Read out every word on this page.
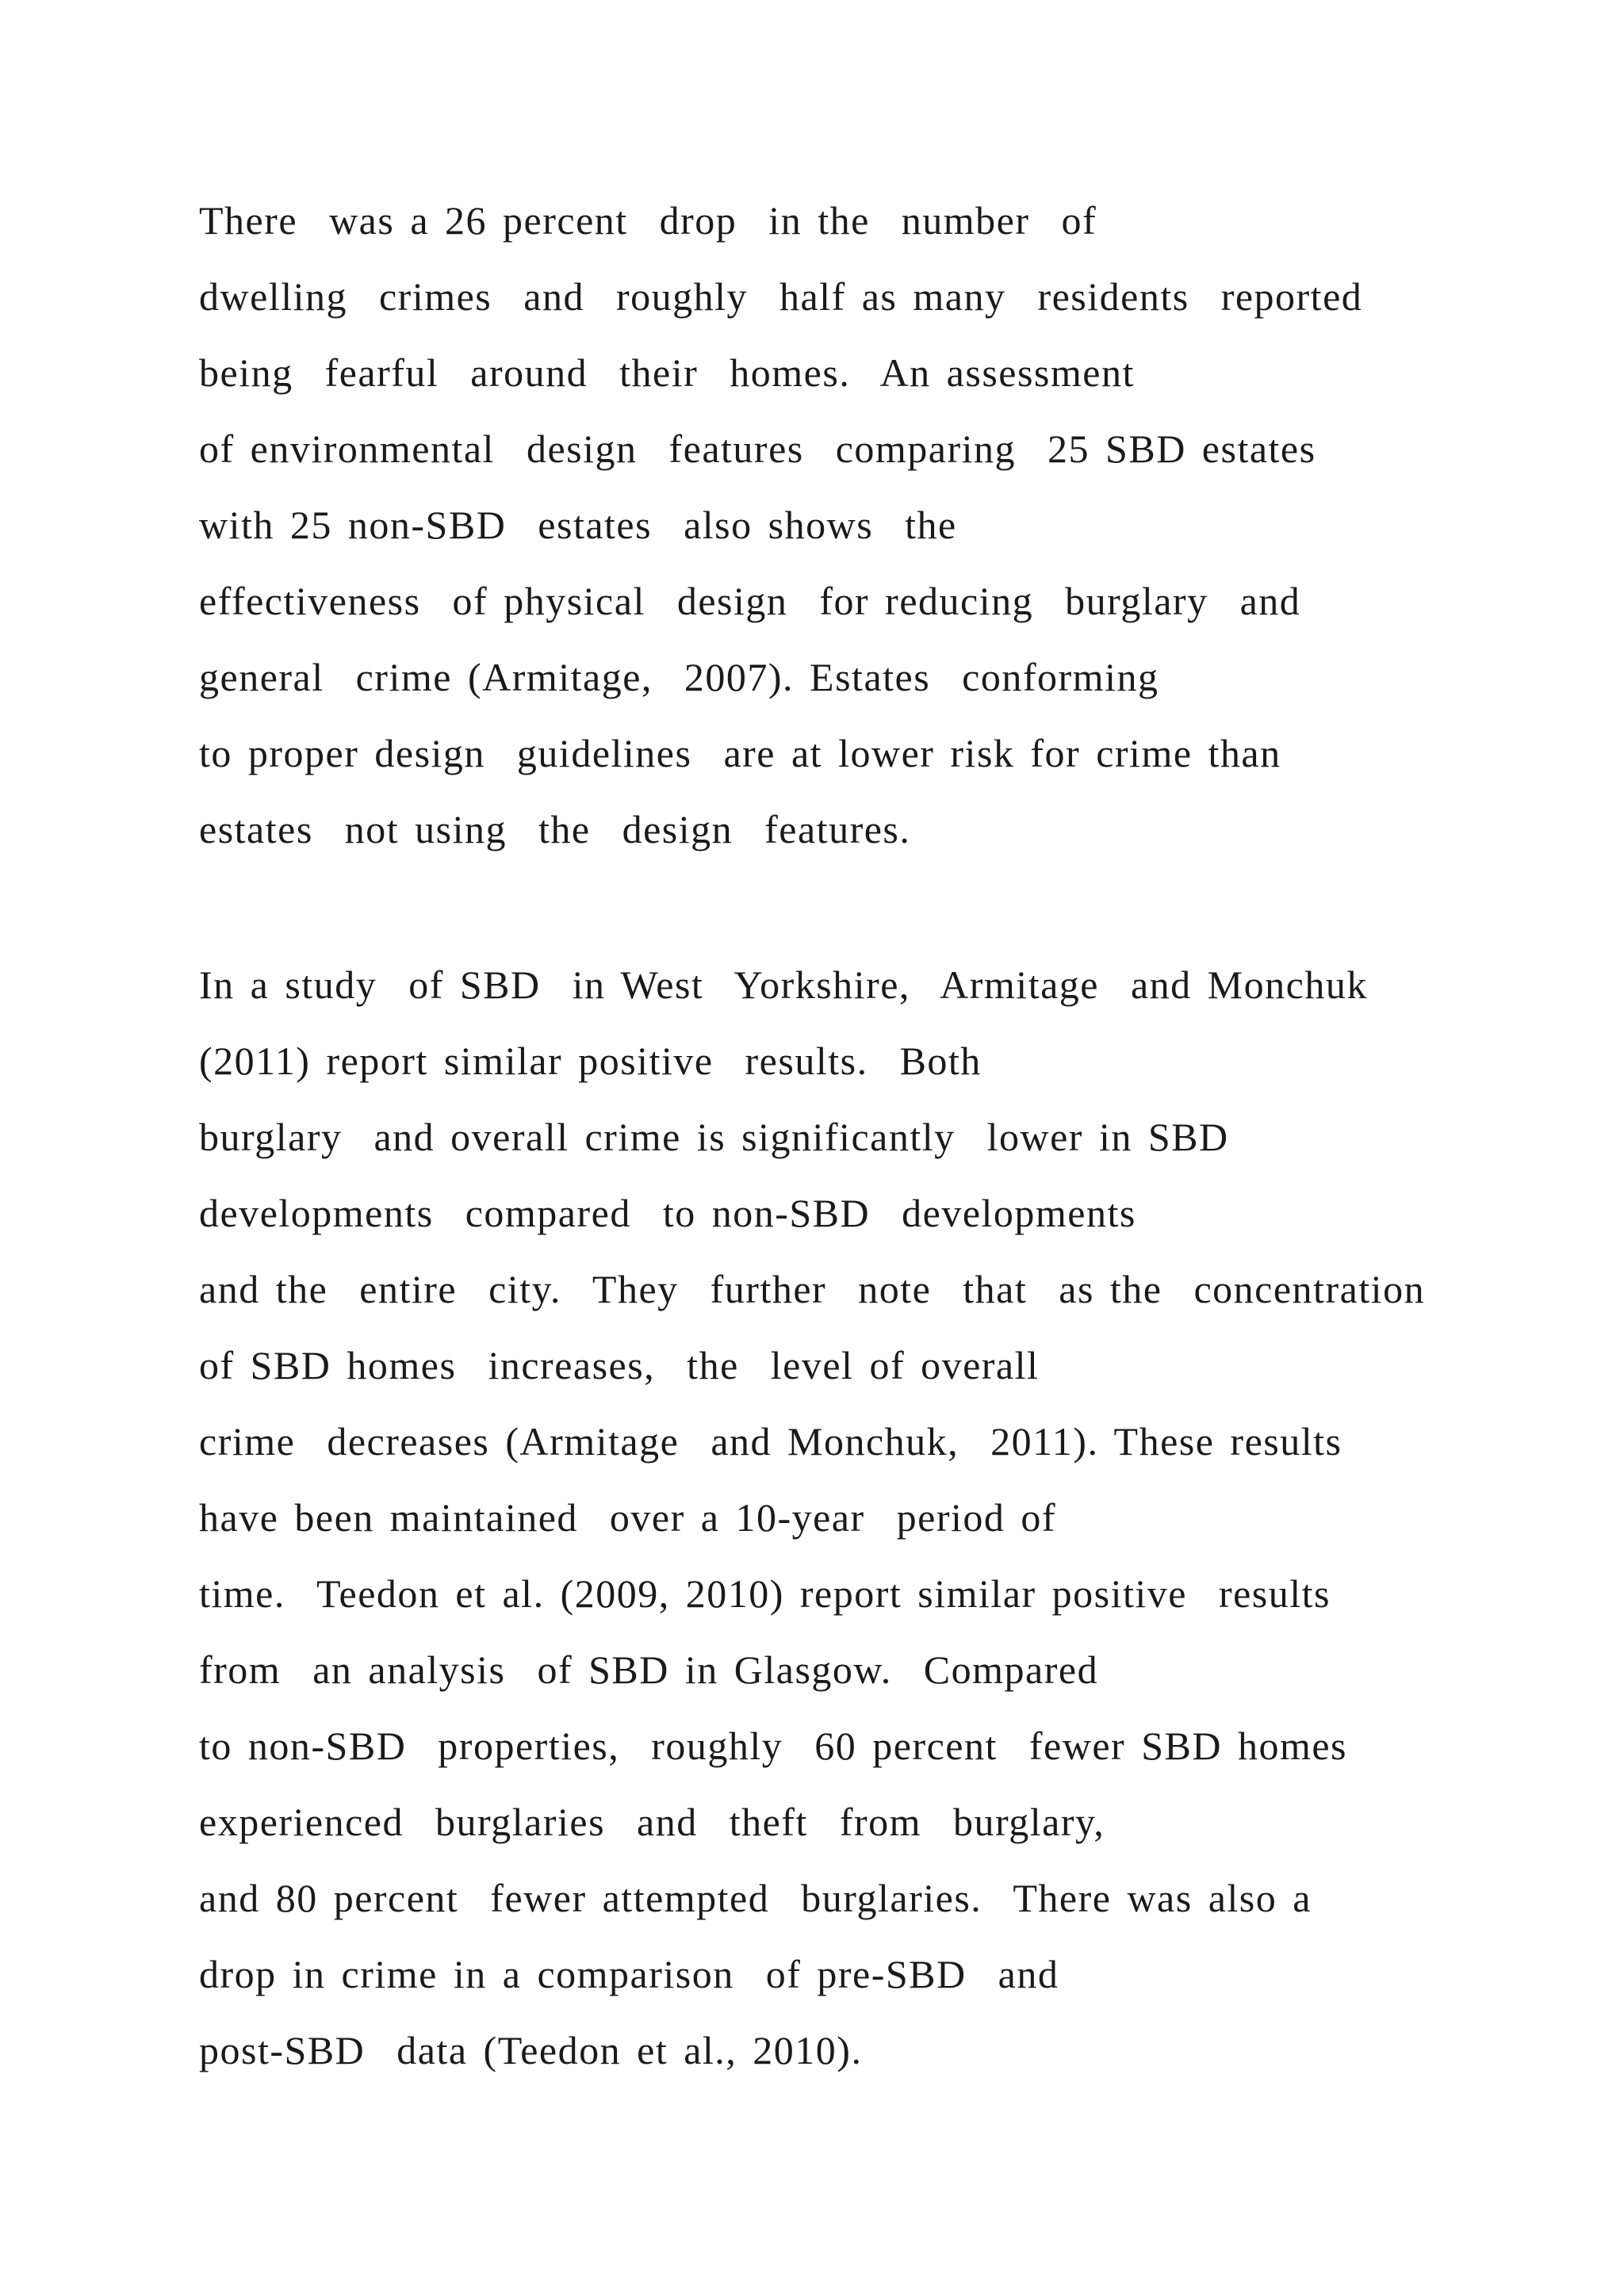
There  was a 26 percent  drop  in the  number  of
dwelling  crimes  and  roughly  half as many  residents  reported
being  fearful  around  their  homes.  An assessment
of environmental  design  features  comparing  25 SBD estates
with 25 non-SBD  estates  also shows  the
effectiveness  of physical  design  for reducing  burglary  and
general  crime (Armitage,  2007). Estates  conforming
to proper design  guidelines  are at lower risk for crime than
estates  not using  the  design  features.

In a study  of SBD  in West  Yorkshire,  Armitage  and Monchuk
(2011) report similar positive  results.  Both
burglary  and overall crime is significantly  lower in SBD
developments  compared  to non-SBD  developments
and the  entire  city.  They  further  note  that  as the  concentration
of SBD homes  increases,  the  level of overall
crime  decreases (Armitage  and Monchuk,  2011). These results
have been maintained  over a 10-year  period of
time.  Teedon et al. (2009, 2010) report similar positive  results
from  an analysis  of SBD in Glasgow.  Compared
to non-SBD  properties,  roughly  60 percent  fewer SBD homes
experienced  burglaries  and  theft  from  burglary,
and 80 percent  fewer attempted  burglaries.  There was also a
drop in crime in a comparison  of pre-SBD  and
post-SBD  data (Teedon et al., 2010).
